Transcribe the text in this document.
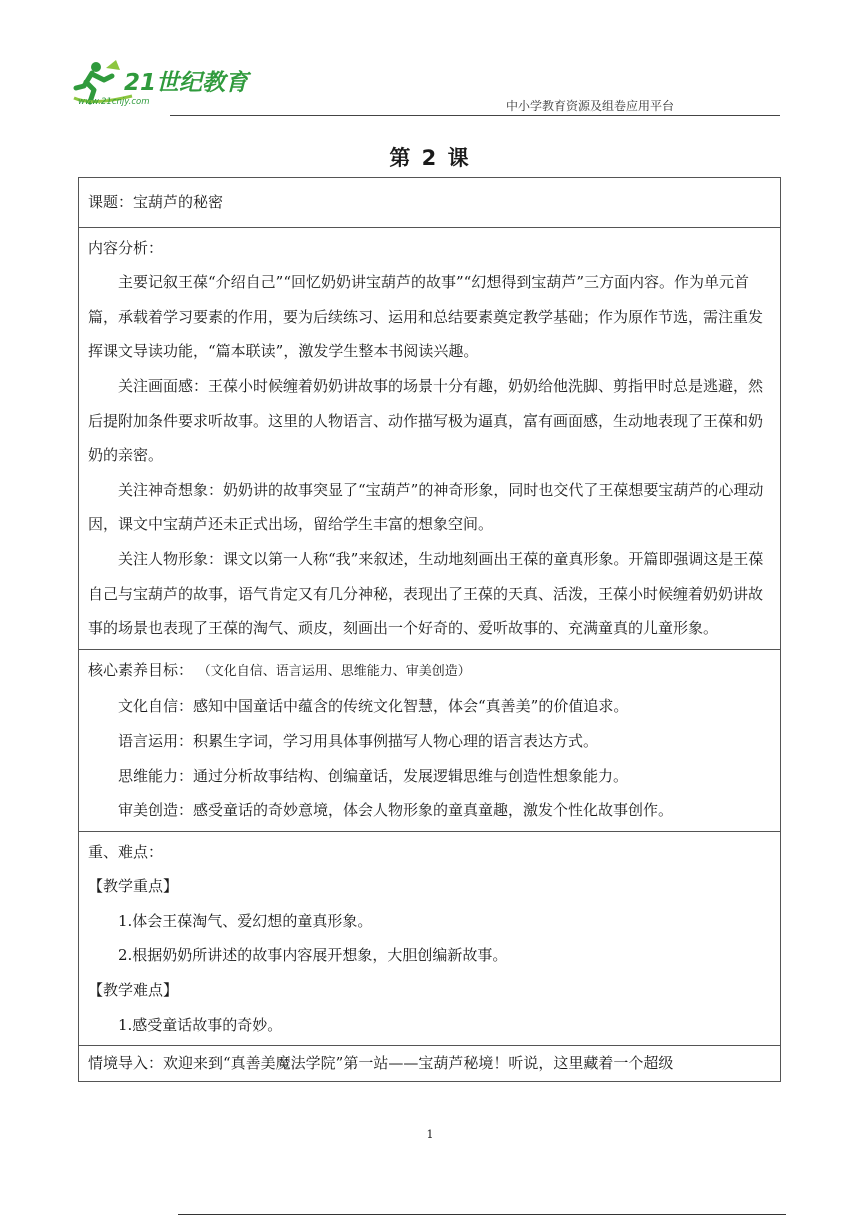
21世纪教育
www.21cnjy.com	中小学教育资源及组卷应用平台
第 2 课

课题：宝葫芦的秘密

内容分析：

主要记叙王葆“介绍自己”“回忆奶奶讲宝葫芦的故事”“幻想得到宝葫芦”三方面内容。作为单元首篇，承载着学习要素的作用，要为后续练习、运用和总结要素奠定教学基础；作为原作节选，需注重发挥课文导读功能，“篇本联读”，激发学生整本书阅读兴趣。

关注画面感：王葆小时候缠着奶奶讲故事的场景十分有趣，奶奶给他洗脚、剪指甲时总是逃避，然后提附加条件要求听故事。这里的人物语言、动作描写极为逼真，富有画面感，生动地表现了王葆和奶奶的亲密。

关注神奇想象：奶奶讲的故事突显了“宝葫芦”的神奇形象，同时也交代了王葆想要宝葫芦的心理动因，课文中宝葫芦还未正式出场，留给学生丰富的想象空间。

关注人物形象：课文以第一人称“我”来叙述，生动地刻画出王葆的童真形象。开篇即强调这是王葆自己与宝葫芦的故事，语气肯定又有几分神秘，表现出了王葆的天真、活泼，王葆小时候缠着奶奶讲故事的场景也表现了王葆的淘气、顽皮，刻画出一个好奇的、爱听故事的、充满童真的儿童形象。

核心素养目标： （文化自信、语言运用、思维能力、审美创造）

文化自信：感知中国童话中蕴含的传统文化智慧，体会“真善美”的价值追求。

语言运用：积累生字词，学习用具体事例描写人物心理的语言表达方式。

思维能力：通过分析故事结构、创编童话，发展逻辑思维与创造性想象能力。

审美创造：感受童话的奇妙意境，体会人物形象的童真童趣，激发个性化故事创作。

重、难点：

【教学重点】

1.体会王葆淘气、爱幻想的童真形象。

2.根据奶奶所讲述的故事内容展开想象，大胆创编新故事。

【教学难点】

1.感受童话故事的奇妙。

情境导入：欢迎来到“真善美魔法学院”第一站——宝葫芦秘境！听说，这里藏着一个超级

1
